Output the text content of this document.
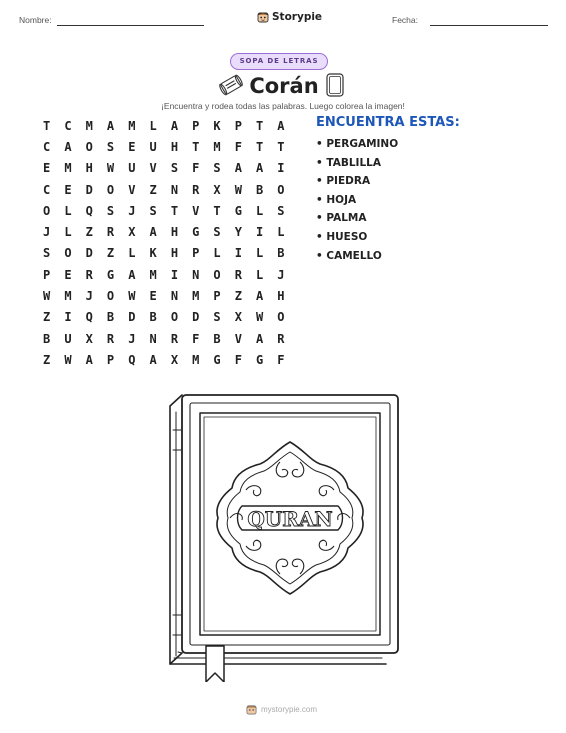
Nombre:	Storypie	Fecha:
SOPA DE LETRAS
Corán
¡Encuentra y rodea todas las palabras. Luego colorea la imagen!
T	C	M	A	M	L	A	P	K	P	T	A
C	A	O	S	E	U	H	T	M	F	T	T
E	M	H	W	U	V	S	F	S	A	A	I
C	E	D	O	V	Z	N	R	X	W	B	O
O	L	Q	S	J	S	T	V	T	G	L	S
J	L	Z	R	X	A	H	G	S	Y	I	L
S	O	D	Z	L	K	H	P	L	I	L	B
P	E	R	G	A	M	I	N	O	R	L	J
W	M	J	O	W	E	N	M	P	Z	A	H
Z	I	Q	B	D	B	O	D	S	X	W	O
B	U	X	R	J	N	R	F	B	V	A	R
Z	W	A	P	Q	A	X	M	G	F	G	F
ENCUENTRA ESTAS:
• PERGAMINO
• TABLILLA
• PIEDRA
• HOJA
• PALMA
• HUESO
• CAMELLO
QURAN
mystorypie.com
